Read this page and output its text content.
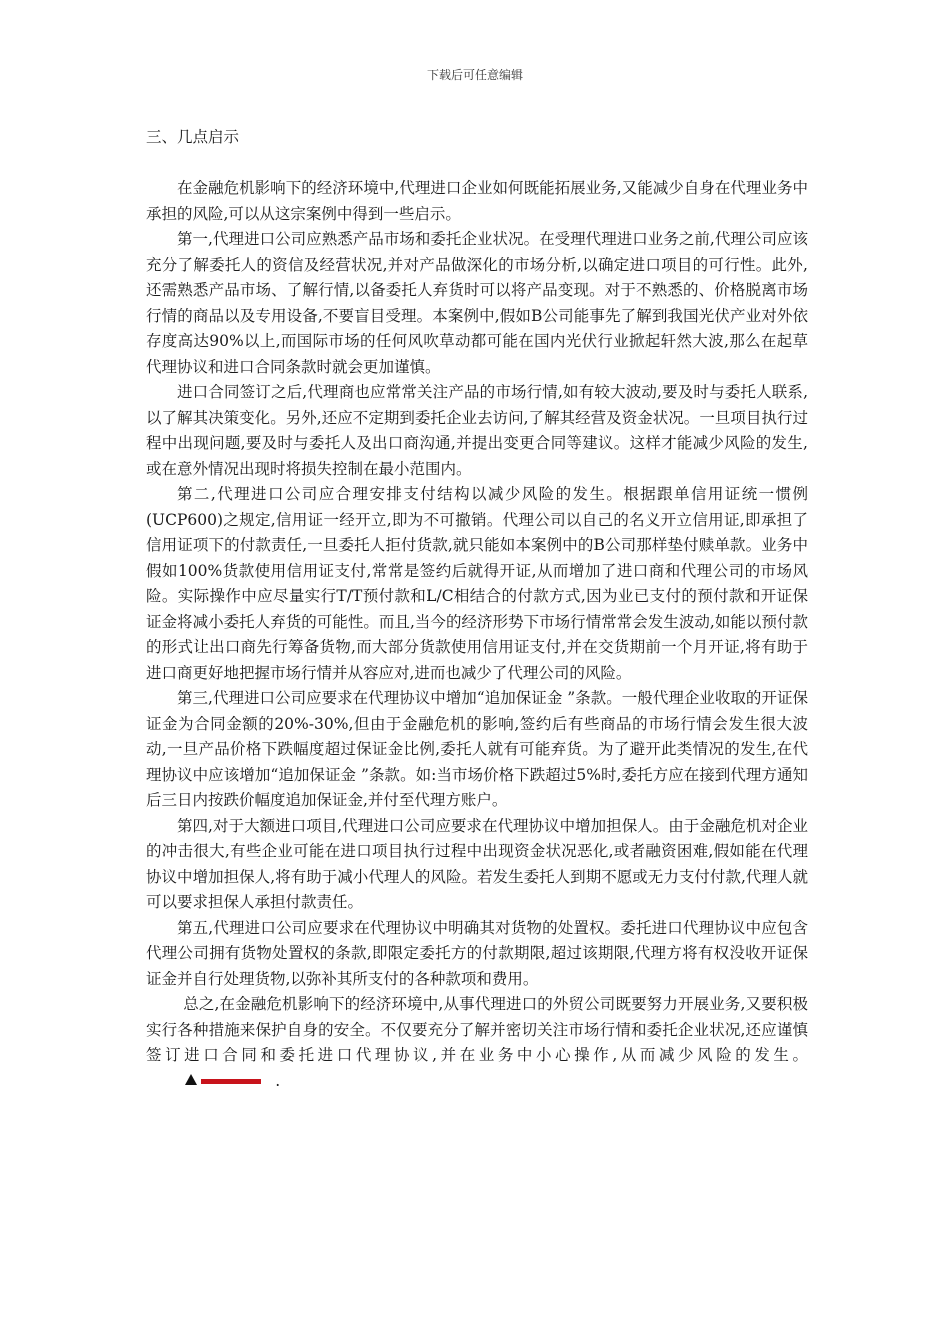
下载后可任意编辑
三、几点启示

在金融危机影响下的经济环境中,代理进口企业如何既能拓展业务,又能减少自身在代理业务中承担的风险,可以从这宗案例中得到一些启示。

第一,代理进口公司应熟悉产品市场和委托企业状况。在受理代理进口业务之前,代理公司应该充分了解委托人的资信及经营状况,并对产品做深化的市场分析,以确定进口项目的可行性。此外,还需熟悉产品市场、了解行情,以备委托人弃货时可以将产品变现。对于不熟悉的、价格脱离市场行情的商品以及专用设备,不要盲目受理。本案例中,假如B公司能事先了解到我国光伏产业对外依存度高达90%以上,而国际市场的任何风吹草动都可能在国内光伏行业掀起轩然大波,那么在起草代理协议和进口合同条款时就会更加谨慎。

进口合同签订之后,代理商也应常常关注产品的市场行情,如有较大波动,要及时与委托人联系,以了解其决策变化。另外,还应不定期到委托企业去访问,了解其经营及资金状况。一旦项目执行过程中出现问题,要及时与委托人及出口商沟通,并提出变更合同等建议。这样才能减少风险的发生,或在意外情况出现时将损失控制在最小范围内。

第二,代理进口公司应合理安排支付结构以减少风险的发生。根据跟单信用证统一惯例(UCP600)之规定,信用证一经开立,即为不可撤销。代理公司以自己的名义开立信用证,即承担了信用证项下的付款责任,一旦委托人拒付货款,就只能如本案例中的B公司那样垫付赎单款。业务中假如100%货款使用信用证支付,常常是签约后就得开证,从而增加了进口商和代理公司的市场风险。实际操作中应尽量实行T/T预付款和L/C相结合的付款方式,因为业已支付的预付款和开证保证金将减小委托人弃货的可能性。而且,当今的经济形势下市场行情常常会发生波动,如能以预付款的形式让出口商先行筹备货物,而大部分货款使用信用证支付,并在交货期前一个月开证,将有助于进口商更好地把握市场行情并从容应对,进而也减少了代理公司的风险。

第三,代理进口公司应要求在代理协议中增加“追加保证金 ”条款。一般代理企业收取的开证保证金为合同金额的20%-30%,但由于金融危机的影响,签约后有些商品的市场行情会发生很大波动,一旦产品价格下跌幅度超过保证金比例,委托人就有可能弃货。为了避开此类情况的发生,在代理协议中应该增加“追加保证金 ”条款。如:当市场价格下跌超过5%时,委托方应在接到代理方通知后三日内按跌价幅度追加保证金,并付至代理方账户。

第四,对于大额进口项目,代理进口公司应要求在代理协议中增加担保人。由于金融危机对企业的冲击很大,有些企业可能在进口项目执行过程中出现资金状况恶化,或者融资困难,假如能在代理协议中增加担保人,将有助于减小代理人的风险。若发生委托人到期不愿或无力支付付款,代理人就可以要求担保人承担付款责任。

第五,代理进口公司应要求在代理协议中明确其对货物的处置权。委托进口代理协议中应包含代理公司拥有货物处置权的条款,即限定委托方的付款期限,超过该期限,代理方将有权没收开证保证金并自行处理货物,以弥补其所支付的各种款项和费用。

总之,在金融危机影响下的经济环境中,从事代理进口的外贸公司既要努力开展业务,又要积极实行各种措施来保护自身的安全。不仅要充分了解并密切关注市场行情和委托企业状况,还应谨慎签订进口合同和委托进口代理协议,并在业务中小心操作,从而减少风险的发生。.
